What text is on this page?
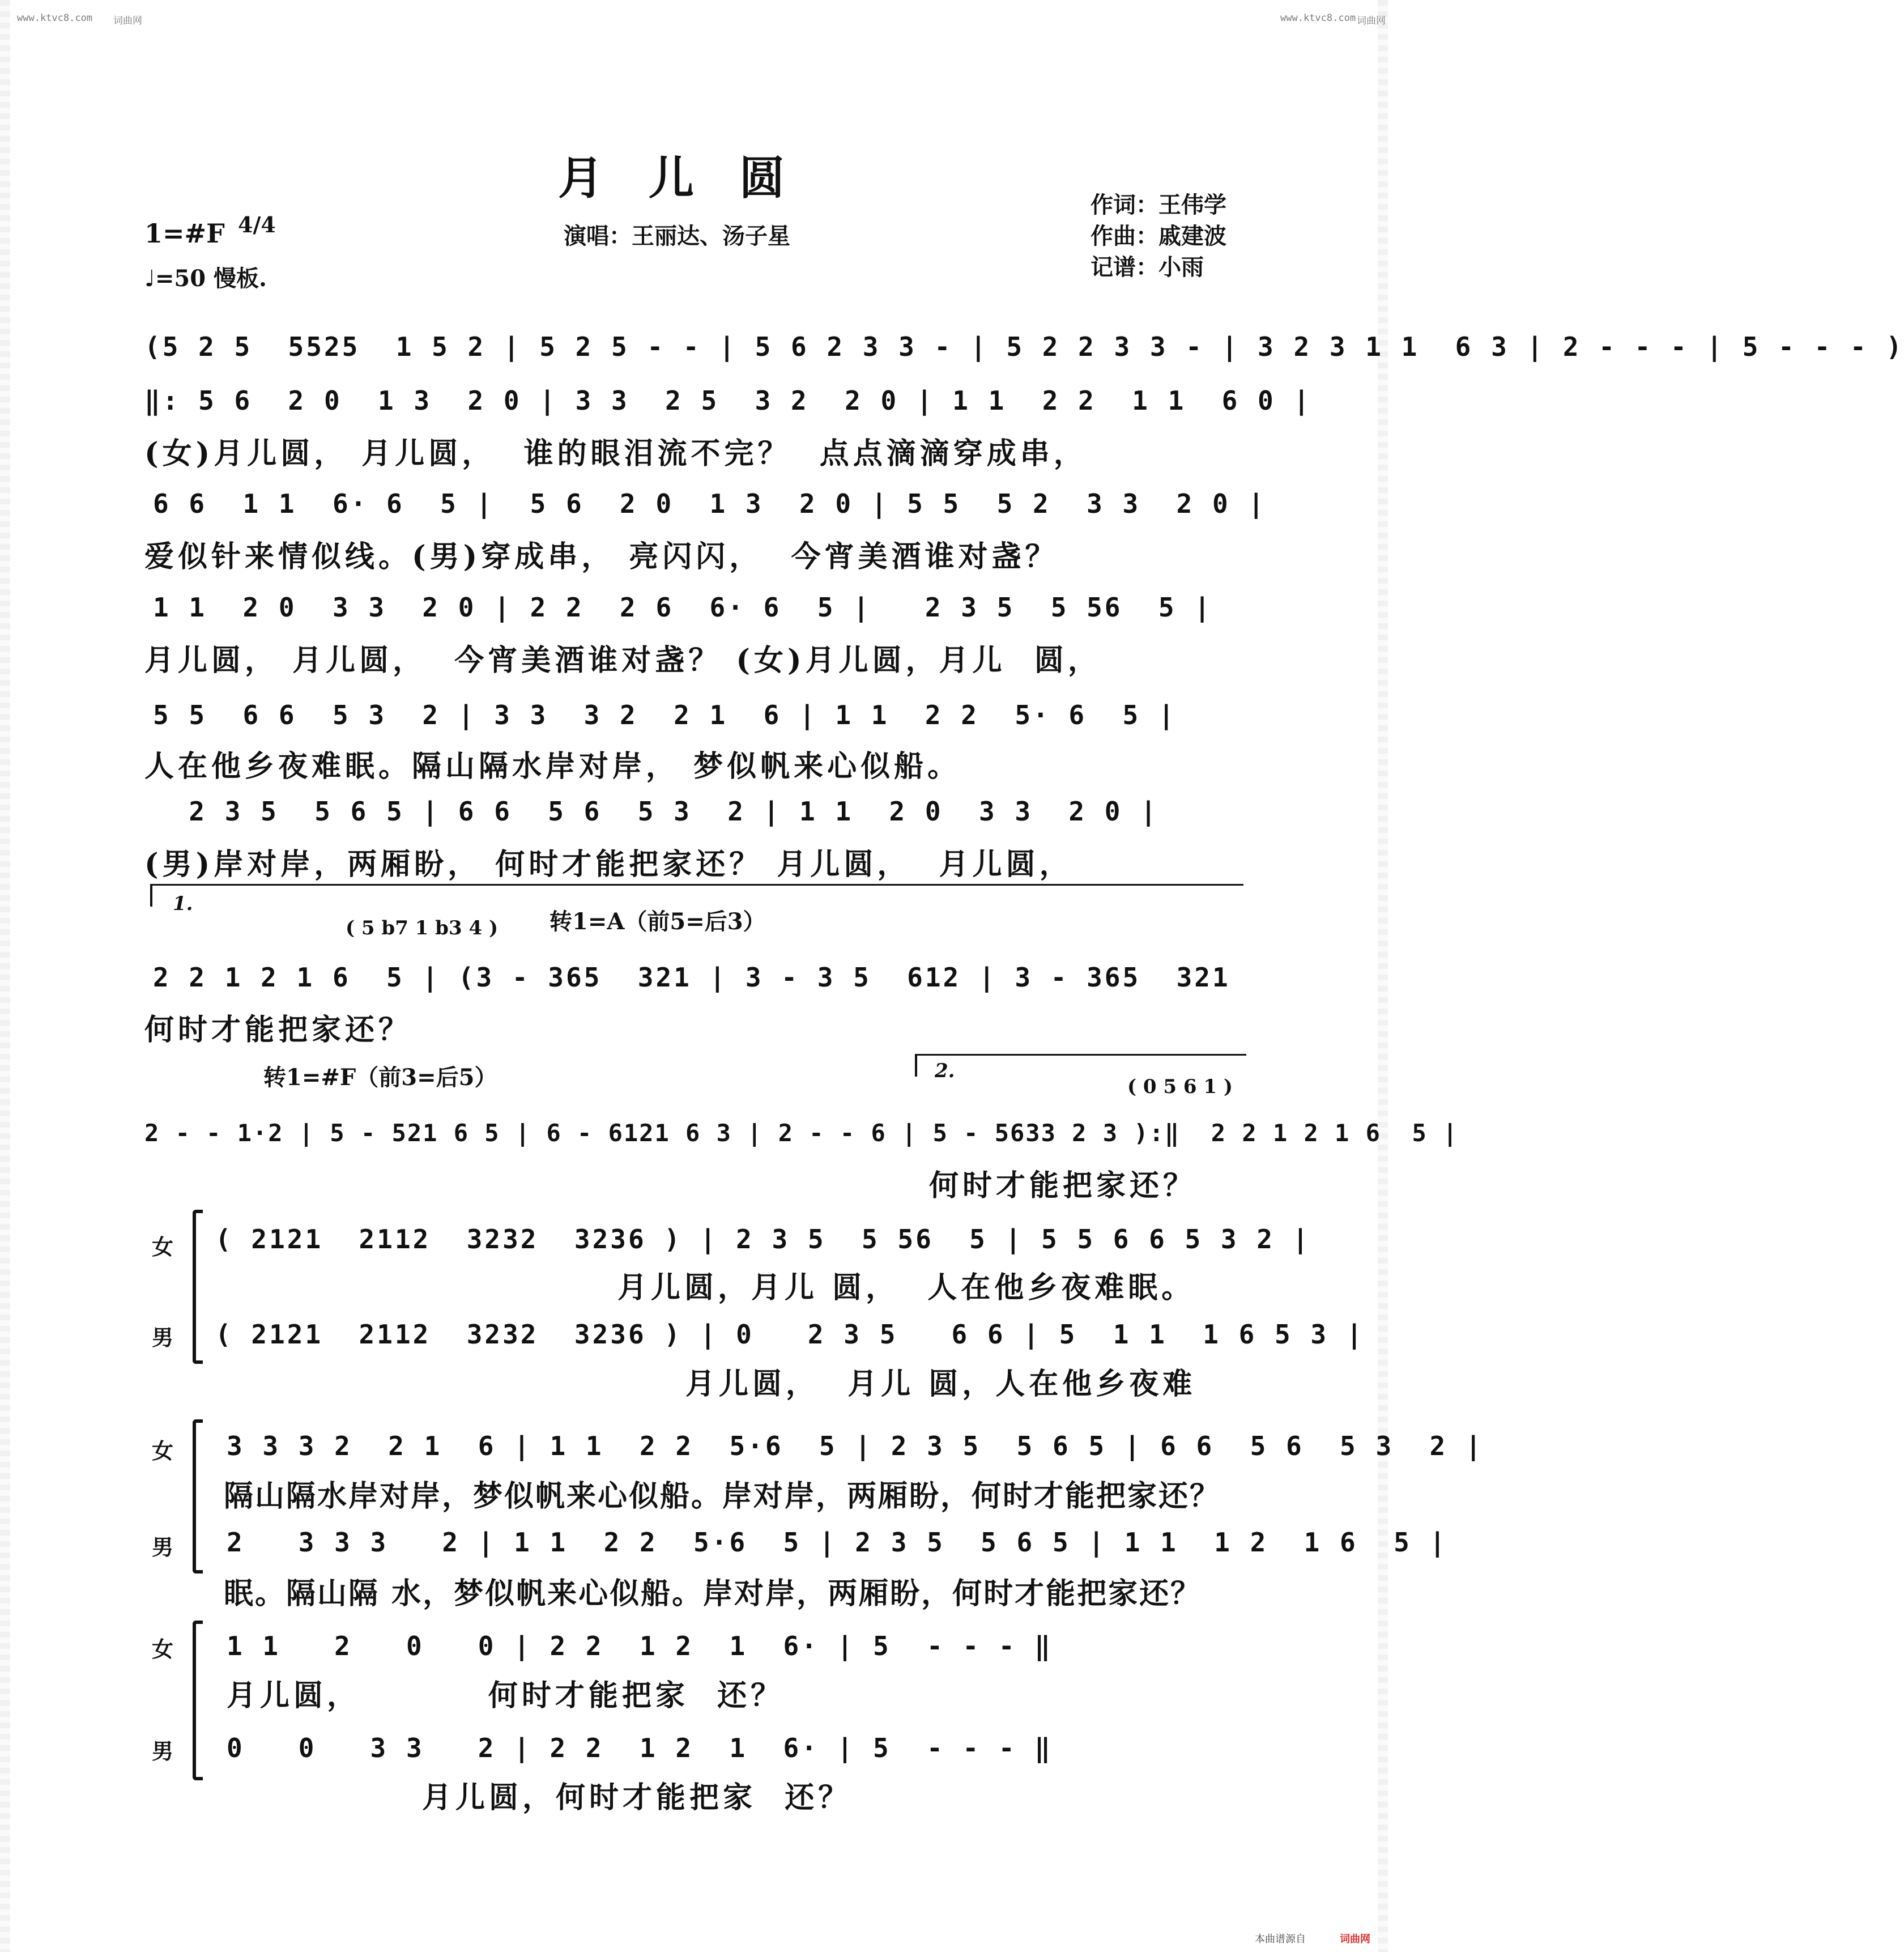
www.ktvc8.com 词曲网	www.ktvc8.com 词曲网
月儿圆
1=#F 4/4
♩=50 慢板.
演唱：王丽达、汤子星
作词：王伟学
作曲：戚建波
记谱：小雨
(5 2 5  5525  1 5 2 | 5 2 5 - - | 5 6 2 3 3 - | 5 2 2 3 3 - | 3 2 3 1 1  6 3 | 2 - - - | 5 - - - )
‖: 5 6  2 0  1 3  2 0 | 3 3  2 5  3 2  2 0 | 1 1  2 2  1 1  6 0 |
(女)月儿圆， 月儿圆，  谁的眼泪流不完？  点点滴滴穿成串，
6 6  1 1  6· 6  5 |  5 6  2 0  1 3  2 0 | 5 5  5 2  3 3  2 0 |
爱似针来情似线。(男)穿成串， 亮闪闪，  今宵美酒谁对盏？
1 1  2 0  3 3  2 0 | 2 2  2 6  6· 6  5 |   2 3 5  5 56  5 |
月儿圆， 月儿圆，  今宵美酒谁对盏？ (女)月儿圆，月儿  圆，
5 5  6 6  5 3  2 | 3 3  3 2  2 1  6 | 1 1  2 2  5· 6  5 |
人在他乡夜难眠。隔山隔水岸对岸， 梦似帆来心似船。
2 3 5  5 6 5 | 6 6  5 6  5 3  2 | 1 1  2 0  3 3  2 0 |
(男)岸对岸，两厢盼， 何时才能把家还？ 月儿圆，  月儿圆，
1.
( 5 b7 1 b3 4 ) 转1=A（前5=后3）
2 2 1 2 1 6  5 | (3 - 365  321 | 3 - 3 5  612 | 3 - 365  321
何时才能把家还？
转1=#F（前3=后5）	2.
( 0 5 6 1 )
2 - - 1·2 | 5 - 521 6 5 | 6 - 6121 6 3 | 2 - - 6 | 5 - 5633 2 3 ):‖  2 2 1 2 1 6  5 |
何时才能把家还？
女 ( 2121  2112  3232  3236 ) | 2 3 5  5 56  5 | 5 5 6 6 5 3 2 |
月儿圆，月儿 圆，  人在他乡夜难眠。
男 ( 2121  2112  3232  3236 ) | 0   2 3 5   6 6 | 5  1 1  1 6 5 3 |
月儿圆，  月儿 圆，人在他乡夜难
女 3 3 3 2  2 1  6 | 1 1  2 2  5·6  5 | 2 3 5  5 6 5 | 6 6  5 6  5 3  2 |
隔山隔水岸对岸，梦似帆来心似船。岸对岸，两厢盼，何时才能把家还？
男 2   3 3 3   2 | 1 1  2 2  5·6  5 | 2 3 5  5 6 5 | 1 1  1 2  1 6  5 |
眠。隔山隔 水，梦似帆来心似船。岸对岸，两厢盼，何时才能把家还？
女 1 1   2   0   0 | 2 2  1 2  1  6· | 5  - - - ‖
月儿圆，         何时才能把家  还？
男 0   0   3 3   2 | 2 2  1 2  1  6· | 5  - - - ‖
月儿圆，何时才能把家  还？
本曲谱源自	词曲网
